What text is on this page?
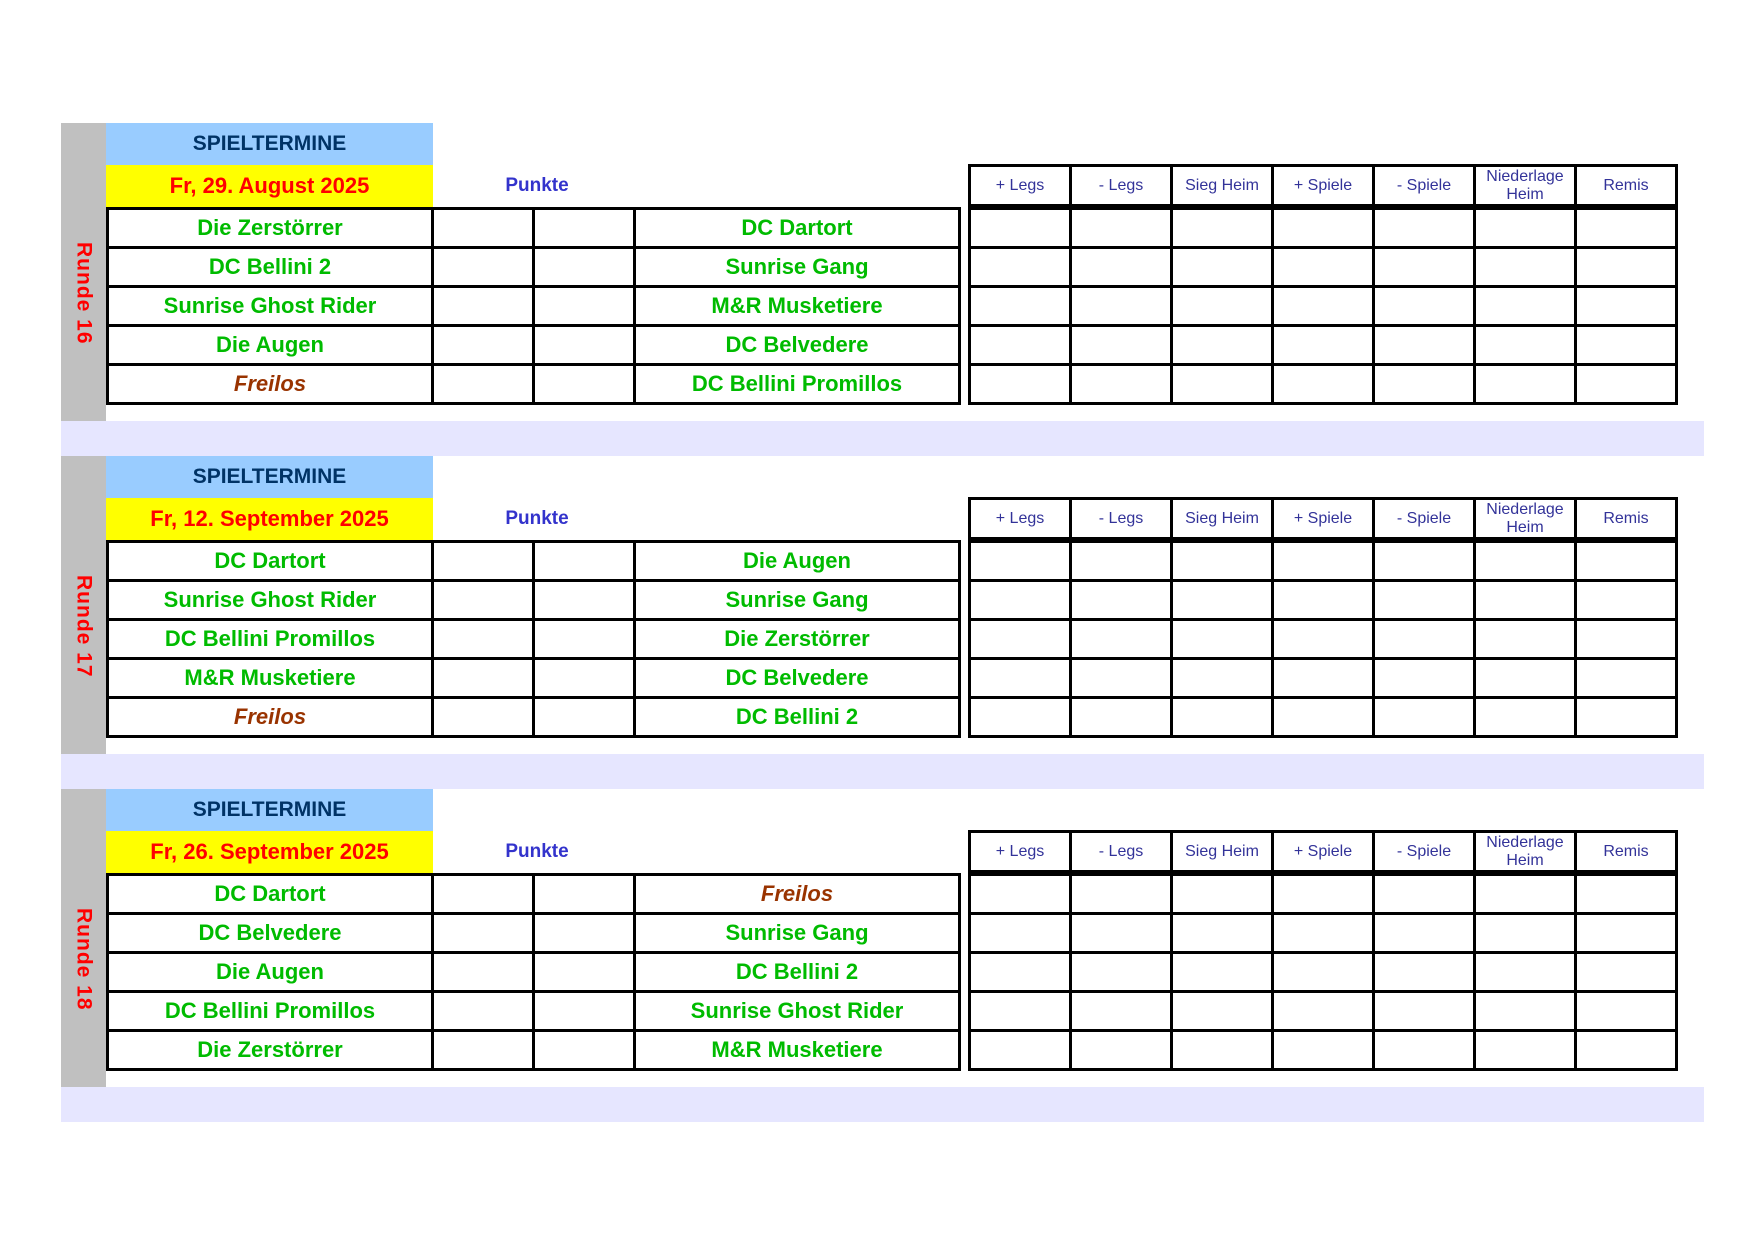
Runde 16
SPIELTERMINE
Fr, 29. August 2025	Punkte	+ Legs	- Legs	Sieg Heim	+ Spiele	- Spiele	Niederlage Heim	Remis
Die Zerstörrer			DC Dartort
DC Bellini 2			Sunrise Gang
Sunrise Ghost Rider			M&R Musketiere
Die Augen			DC Belvedere
Freilos			DC Bellini Promillos

Runde 17
SPIELTERMINE
Fr, 12. September 2025	Punkte	+ Legs	- Legs	Sieg Heim	+ Spiele	- Spiele	Niederlage Heim	Remis
DC Dartort			Die Augen
Sunrise Ghost Rider			Sunrise Gang
DC Bellini Promillos			Die Zerstörrer
M&R Musketiere			DC Belvedere
Freilos			DC Bellini 2

Runde 18
SPIELTERMINE
Fr, 26. September 2025	Punkte	+ Legs	- Legs	Sieg Heim	+ Spiele	- Spiele	Niederlage Heim	Remis
DC Dartort			Freilos
DC Belvedere			Sunrise Gang
Die Augen			DC Bellini 2
DC Bellini Promillos			Sunrise Ghost Rider
Die Zerstörrer			M&R Musketiere
